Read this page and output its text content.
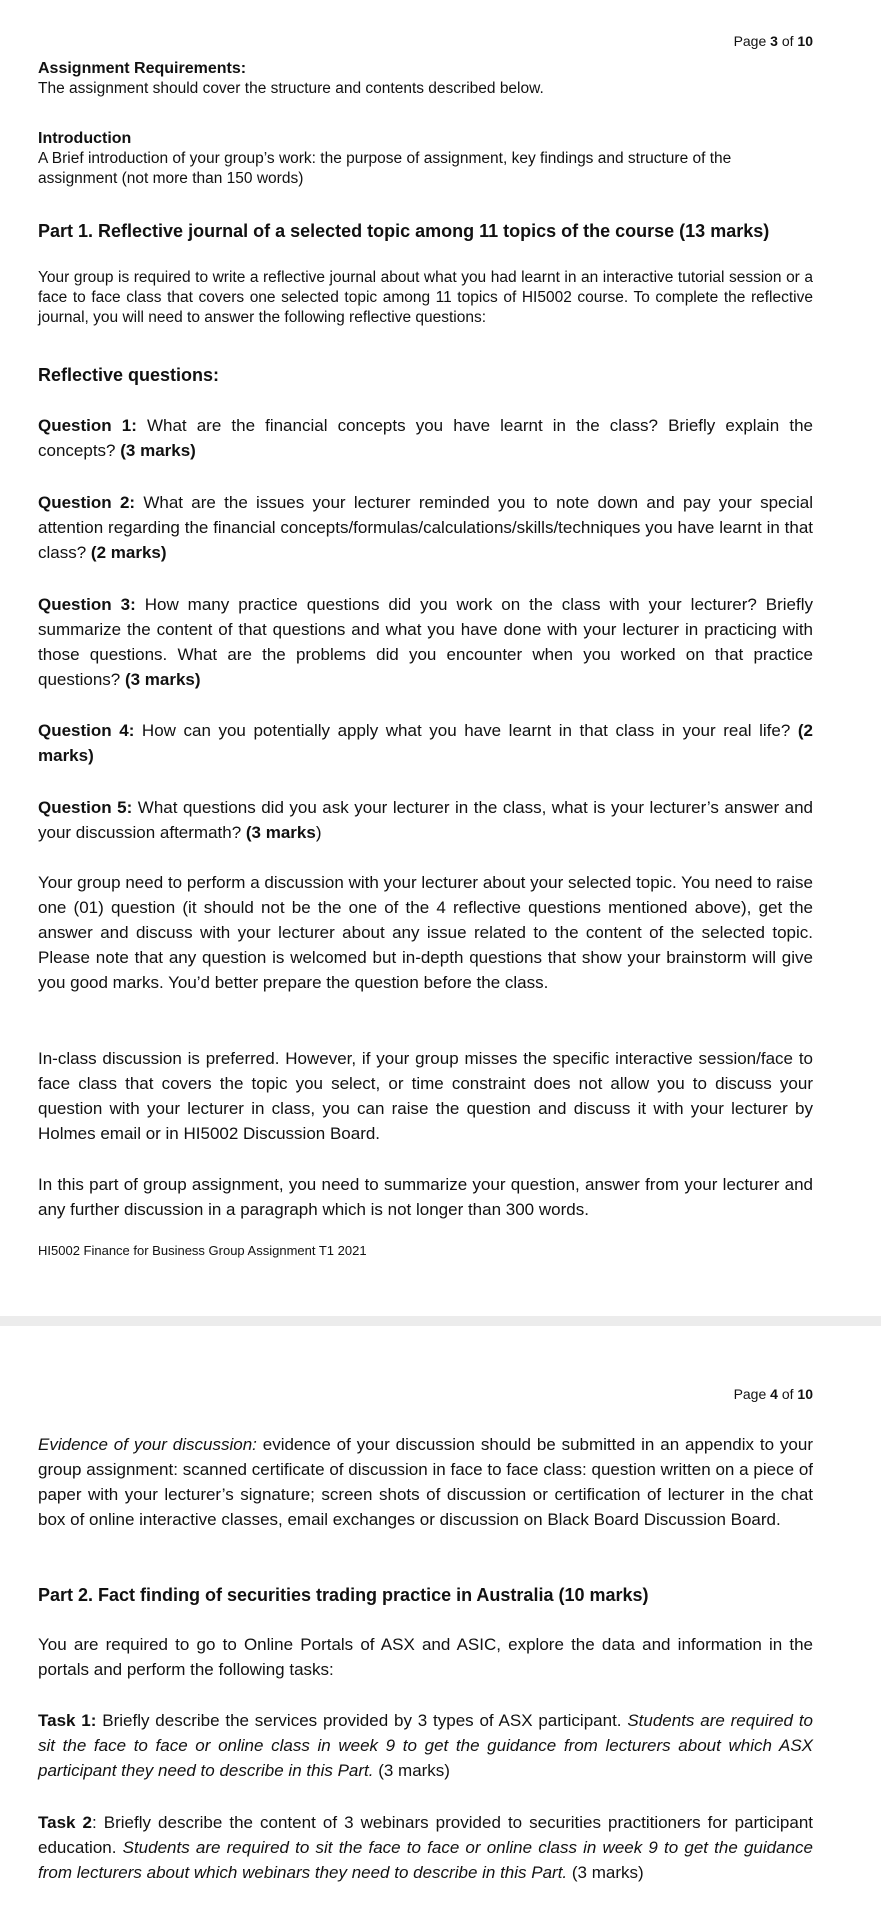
Page 3 of 10

Assignment Requirements:

The assignment should cover the structure and contents described below.

Introduction

A Brief introduction of your group’s work: the purpose of assignment, key findings and structure of the assignment (not more than 150 words)

Part 1. Reflective journal of a selected topic among 11 topics of the course (13 marks)

Your group is required to write a reflective journal about what you had learnt in an interactive tutorial session or a face to face class that covers one selected topic among 11 topics of HI5002 course. To complete the reflective journal, you will need to answer the following reflective questions:

Reflective questions:

Question 1: What are the financial concepts you have learnt in the class? Briefly explain the concepts? (3 marks)

Question 2: What are the issues your lecturer reminded you to note down and pay your special attention regarding the financial concepts/formulas/calculations/skills/techniques you have learnt in that class? (2 marks)

Question 3: How many practice questions did you work on the class with your lecturer? Briefly summarize the content of that questions and what you have done with your lecturer in practicing with those questions. What are the problems did you encounter when you worked on that practice questions? (3 marks)

Question 4: How can you potentially apply what you have learnt in that class in your real life? (2 marks)

Question 5: What questions did you ask your lecturer in the class, what is your lecturer’s answer and your discussion aftermath? (3 marks)

Your group need to perform a discussion with your lecturer about your selected topic. You need to raise one (01) question (it should not be the one of the 4 reflective questions mentioned above), get the answer and discuss with your lecturer about any issue related to the content of the selected topic. Please note that any question is welcomed but in-depth questions that show your brainstorm will give you good marks. You’d better prepare the question before the class.

In-class discussion is preferred. However, if your group misses the specific interactive session/face to face class that covers the topic you select, or time constraint does not allow you to discuss your question with your lecturer in class, you can raise the question and discuss it with your lecturer by Holmes email or in HI5002 Discussion Board.

In this part of group assignment, you need to summarize your question, answer from your lecturer and any further discussion in a paragraph which is not longer than 300 words.

HI5002 Finance for Business Group Assignment T1 2021

Page 4 of 10

Evidence of your discussion: evidence of your discussion should be submitted in an appendix to your group assignment: scanned certificate of discussion in face to face class: question written on a piece of paper with your lecturer’s signature; screen shots of discussion or certification of lecturer in the chat box of online interactive classes, email exchanges or discussion on Black Board Discussion Board.

Part 2. Fact finding of securities trading practice in Australia (10 marks)

You are required to go to Online Portals of ASX and ASIC, explore the data and information in the portals and perform the following tasks:

Task 1: Briefly describe the services provided by 3 types of ASX participant. Students are required to sit the face to face or online class in week 9 to get the guidance from lecturers about which ASX participant they need to describe in this Part. (3 marks)

Task 2: Briefly describe the content of 3 webinars provided to securities practitioners for participant education. Students are required to sit the face to face or online class in week 9 to get the guidance from lecturers about which webinars they need to describe in this Part. (3 marks)
